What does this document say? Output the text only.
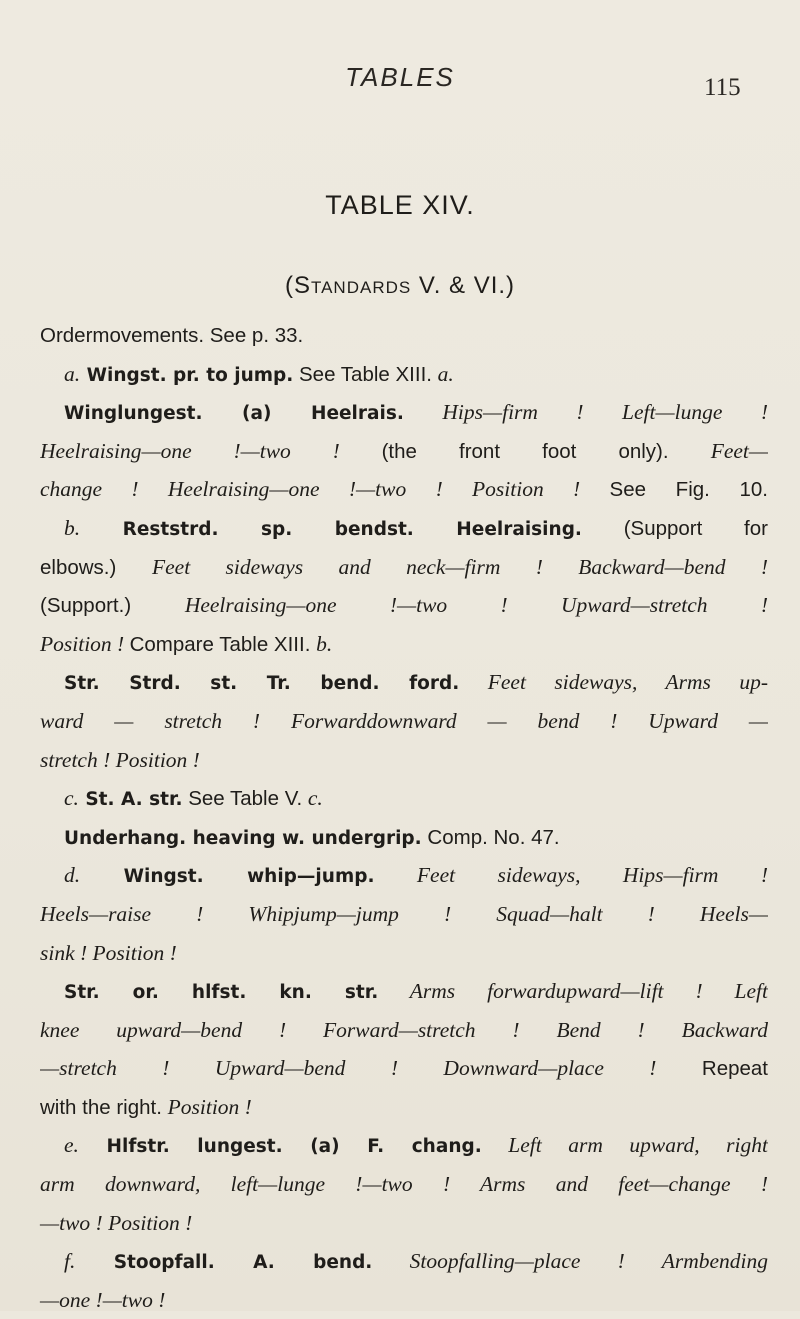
TABLES	115
TABLE XIV.
(Standards V. & VI.)
Ordermovements. See p. 33.
a. Wingst. pr. to jump. See Table XIII. a.
Winglungest. (a) Heelrais. Hips—firm ! Left—lunge !
Heelraising—one !—two ! (the front foot only). Feet—
change ! Heelraising—one !—two ! Position ! See Fig. 10.
b. Reststrd. sp. bendst. Heelraising. (Support for
elbows.) Feet sideways and neck—firm ! Backward—bend !
(Support.) Heelraising—one !—two ! Upward—stretch !
Position ! Compare Table XIII. b.
Str. Strd. st. Tr. bend. ford. Feet sideways, Arms up-
ward — stretch ! Forwarddownward — bend ! Upward —
stretch ! Position !
c. St. A. str. See Table V. c.
Underhang. heaving w. undergrip. Comp. No. 47.
d. Wingst. whip—jump. Feet sideways, Hips—firm !
Heels—raise ! Whipjump—jump ! Squad—halt ! Heels—
sink ! Position !
Str. or. hlfst. kn. str. Arms forwardupward—lift ! Left
knee upward—bend ! Forward—stretch ! Bend ! Backward
—stretch ! Upward—bend ! Downward—place ! Repeat
with the right. Position !
e. Hlfstr. lungest. (a) F. chang. Left arm upward, right
arm downward, left—lunge !—two ! Arms and feet—change !
—two ! Position !
f. Stoopfall. A. bend. Stoopfalling—place ! Armbending
—one !—two !
